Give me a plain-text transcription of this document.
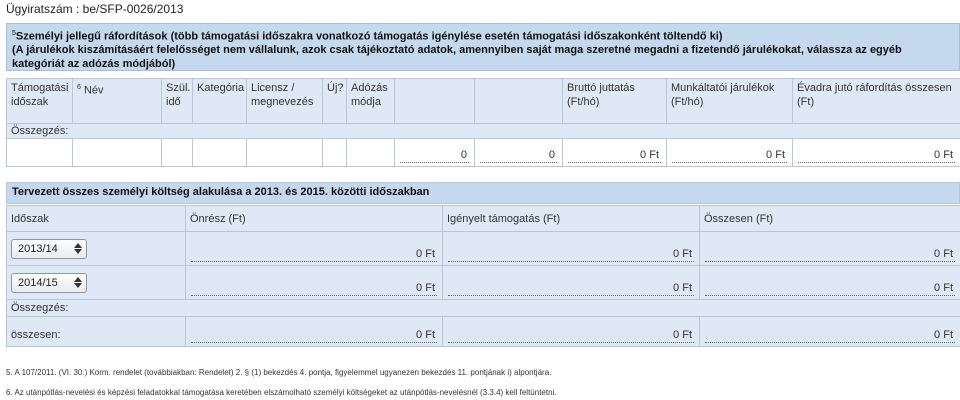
Ügyiratszám : be/SFP-0026/2013
$^5$Személyi jellegű ráfordítások (több támogatási időszakra vonatkozó támogatás igénylése esetén támogatási időszakonként töltendő ki)
(A járulékok kiszámításáért felelősséget nem vállalunk, azok csak tájékoztató adatok, amennyiben saját maga szeretné megadni a fizetendő járulékokat, válassza az egyéb
kategóriát az adózás módjából)
Támogatási időszak	$^6$ Név	Szül. idő	Kategória	Licensz / megnevezés	Új?	Adózás módja			Bruttó juttatás (Ft/hó)	Munkáltatói járulékok (Ft/hó)	Évadra jutó ráfordítás összesen (Ft)
Összegzés:											

							0	0	0 Ft	0 Ft	0 Ft
Tervezett összes személyi költség alakulása a 2013. és 2015. közötti időszakban
Időszak	Önrész (Ft)	Igényelt támogatás (Ft)	Összesen (Ft)

2013/14	0 Ft	0 Ft	0 Ft

2014/15	0 Ft	0 Ft	0 Ft

Összegzés:			
összesen:	0 Ft	0 Ft	0 Ft
5. A 107/2011. (VI. 30.) Korm. rendelet (továbbiakban: Rendelet) 2. § (1) bekezdés 4. pontja, figyelemmel ugyanezen bekezdés 11. pontjának i) alpontjára.
6. Az utánpótlás-nevelési és képzési feladatokkal támogatása keretében elszámolható személyi költségeket az utánpótlás-nevelésnél (3.3.4) kell feltüntetni.
